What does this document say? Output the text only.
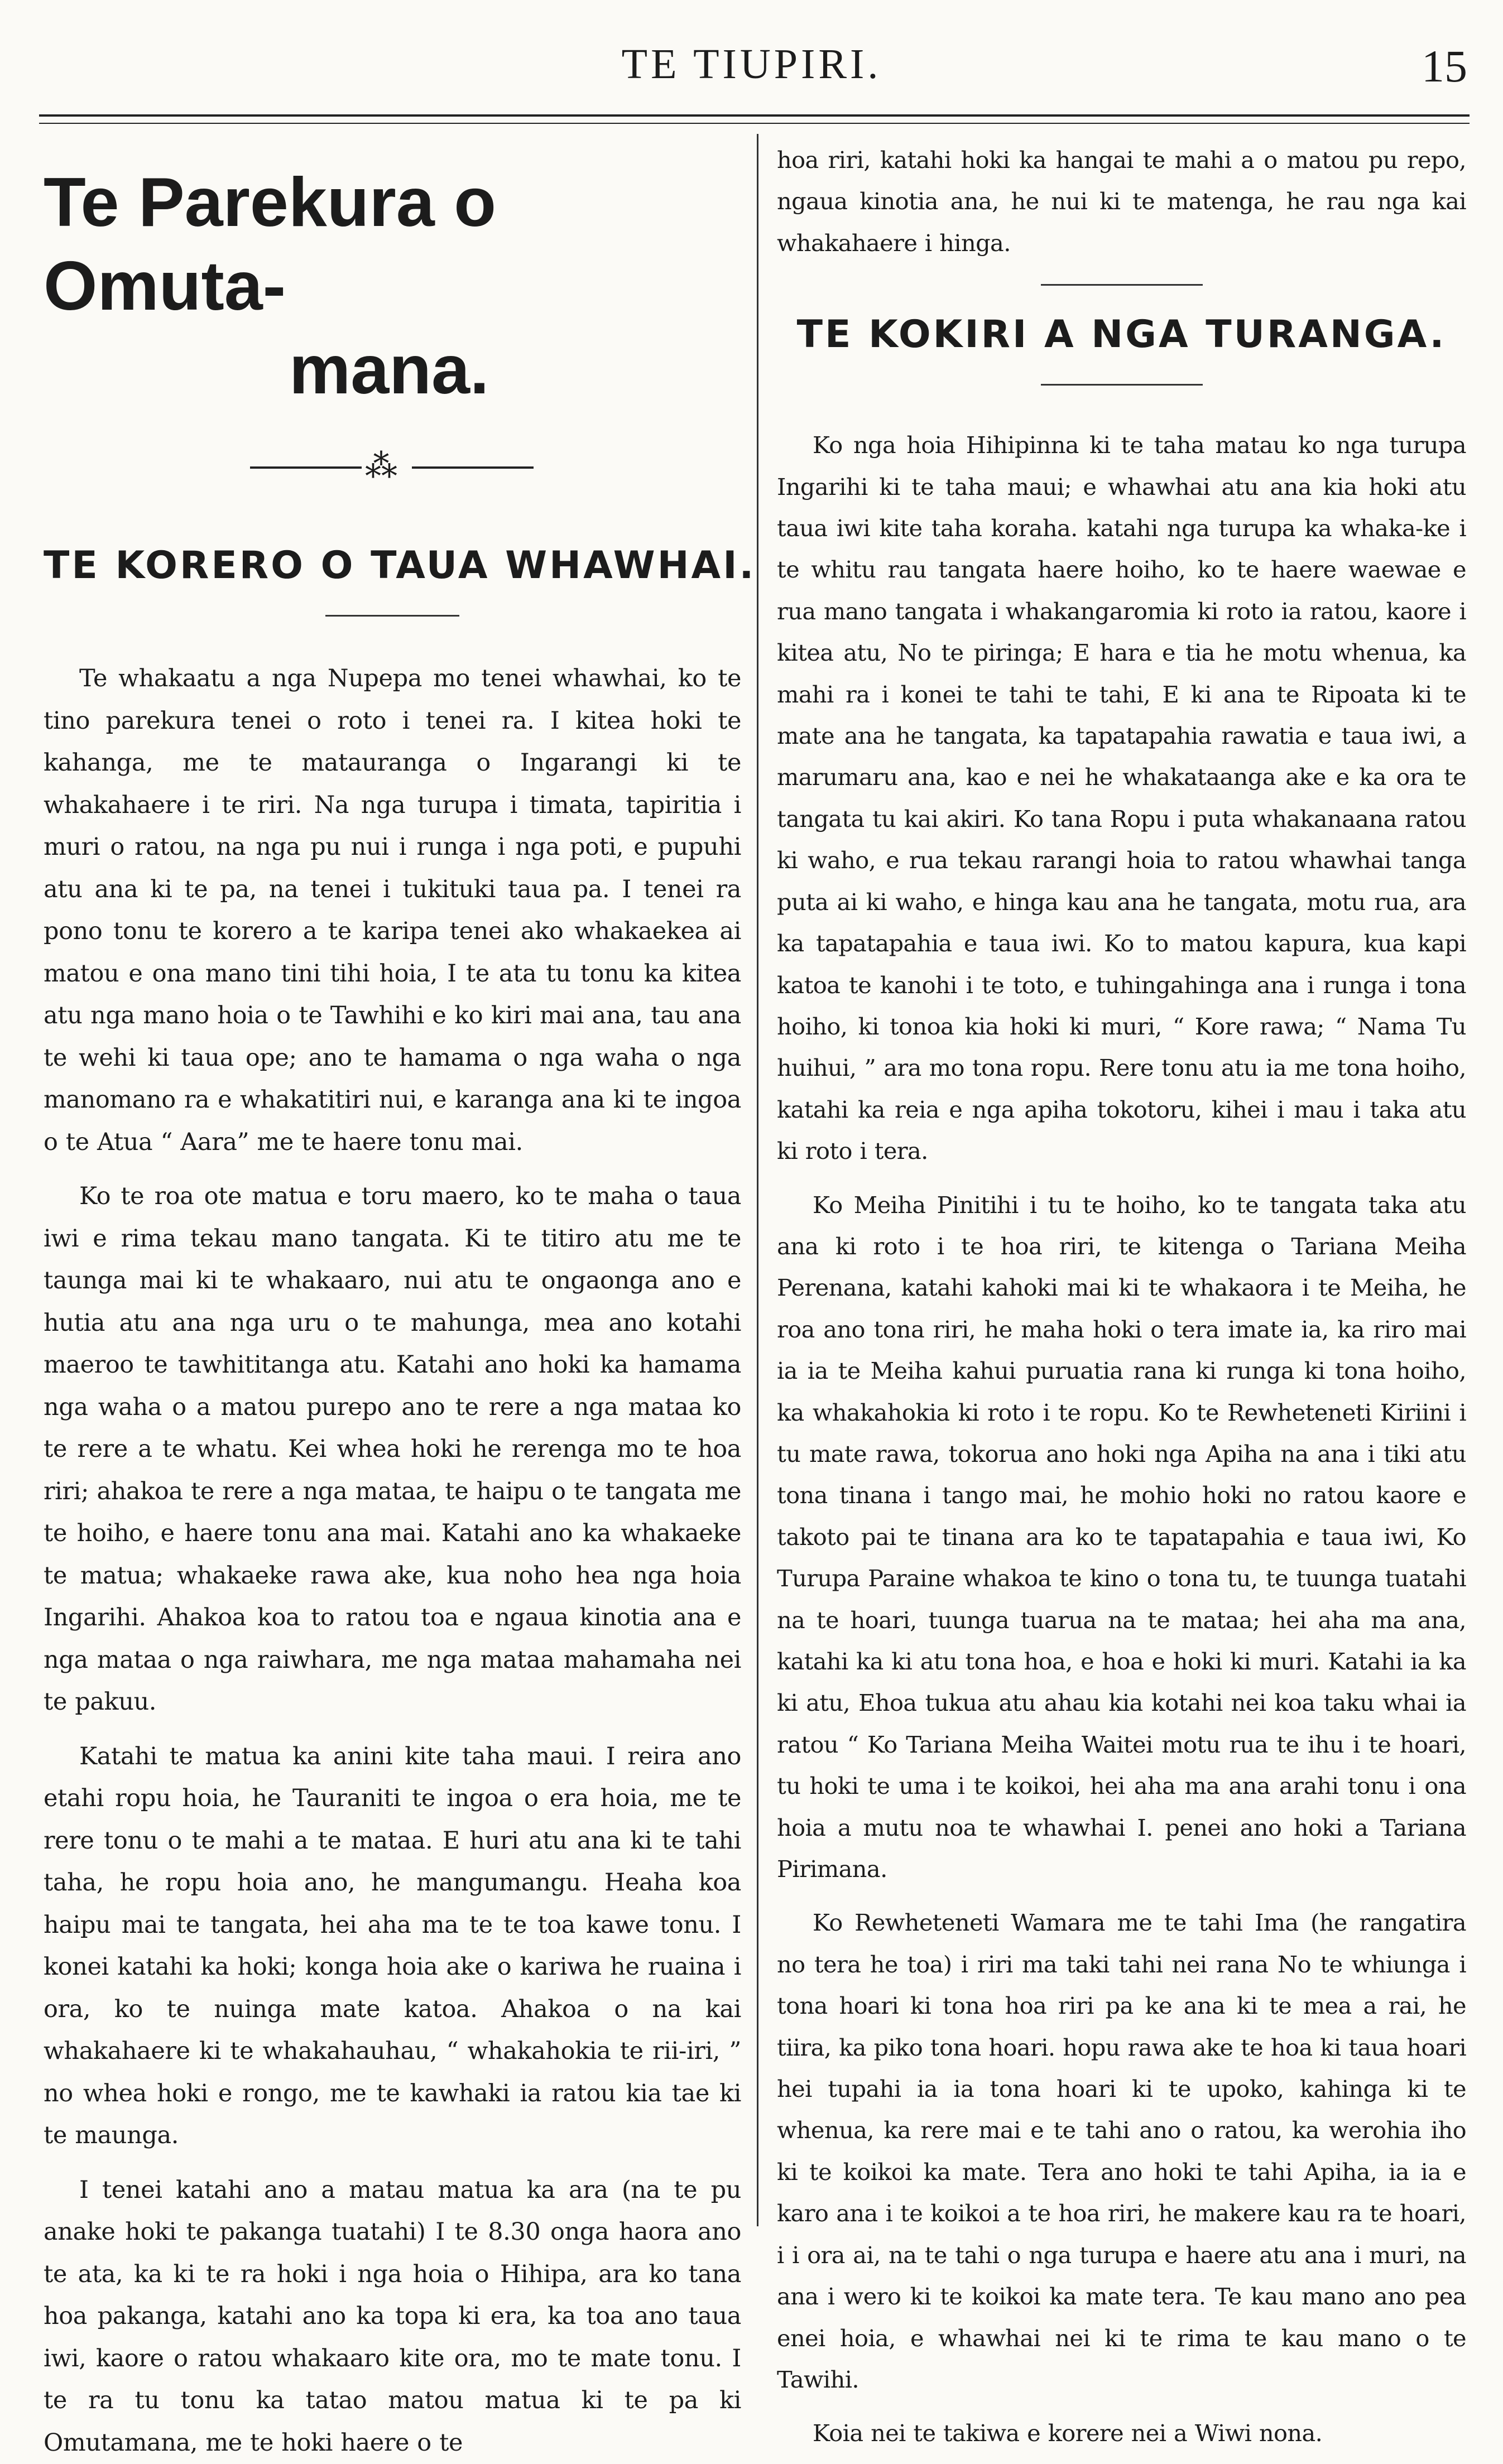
TE TIUPIRI.	15
Te Parekura o Omuta-
mana.
⁂
TE KORERO O TAUA WHAWHAI.

Te whakaatu a nga Nupepa mo tenei whawhai, ko te tino parekura tenei o roto i tenei ra. I kitea hoki te kahanga, me te matauranga o Ingarangi ki te whakahaere i te riri. Na nga turupa i timata, tapiritia i muri o ratou, na nga pu nui i runga i nga poti, e pupuhi atu ana ki te pa, na tenei i tukituki taua pa. I tenei ra pono tonu te korero a te karipa tenei ako whakaekea ai matou e ona mano tini tihi hoia, I te ata tu tonu ka kitea atu nga mano hoia o te Tawhihi e ko kiri mai ana, tau ana te wehi ki taua ope; ano te hamama o nga waha o nga manomano ra e whakatitiri nui, e karanga ana ki te ingoa o te Atua “ Aara” me te haere tonu mai.

Ko te roa ote matua e toru maero, ko te maha o taua iwi e rima tekau mano tangata. Ki te titiro atu me te taunga mai ki te whakaaro, nui atu te ongaonga ano e hutia atu ana nga uru o te mahunga, mea ano kotahi maeroo te tawhititanga atu. Katahi ano hoki ka hamama nga waha o a matou purepo ano te rere a nga mataa ko te rere a te whatu. Kei whea hoki he rerenga mo te hoa riri; ahakoa te rere a nga mataa, te haipu o te tangata me te hoiho, e haere tonu ana mai. Katahi ano ka whakaeke te matua; whakaeke rawa ake, kua noho hea nga hoia Ingarihi. Ahakoa koa to ratou toa e ngaua kinotia ana e nga mataa o nga raiwhara, me nga mataa mahamaha nei te pakuu.

Katahi te matua ka anini kite taha maui. I reira ano etahi ropu hoia, he Tauraniti te ingoa o era hoia, me te rere tonu o te mahi a te mataa. E huri atu ana ki te tahi taha, he ropu hoia ano, he mangumangu. Heaha koa haipu mai te tangata, hei aha ma te te toa kawe tonu. I konei katahi ka hoki; konga hoia ake o kariwa he ruaina i ora, ko te nuinga mate katoa. Ahakoa o na kai whakahaere ki te whakahauhau, “ whakahokia te rii-iri, ” no whea hoki e rongo, me te kawhaki ia ratou kia tae ki te maunga.

I tenei katahi ano a matau matua ka ara (na te pu anake hoki te pakanga tuatahi) I te 8.30 onga haora ano te ata, ka ki te ra hoki i nga hoia o Hihipa, ara ko tana hoa pakanga, katahi ano ka topa ki era, ka toa ano taua iwi, kaore o ratou whakaaro kite ora, mo te mate tonu. I te ra tu tonu ka tatao matou matua ki te pa ki Omutamana, me te hoki haere o te

hoa riri, katahi hoki ka hangai te mahi a o matou pu repo, ngaua kinotia ana, he nui ki te matenga, he rau nga kai whakahaere i hinga.

TE KOKIRI A NGA TURANGA.

Ko nga hoia Hihipinna ki te taha matau ko nga turupa Ingarihi ki te taha maui; e whawhai atu ana kia hoki atu taua iwi kite taha koraha. katahi nga turupa ka whaka-ke i te whitu rau tangata haere hoiho, ko te haere waewae e rua mano tangata i whakangaromia ki roto ia ratou, kaore i kitea atu, No te piringa; E hara e tia he motu whenua, ka mahi ra i konei te tahi te tahi, E ki ana te Ripoata ki te mate ana he tangata, ka tapatapahia rawatia e taua iwi, a marumaru ana, kao e nei he whakataanga ake e ka ora te tangata tu kai akiri. Ko tana Ropu i puta whakanaana ratou ki waho, e rua tekau rarangi hoia to ratou whawhai tanga puta ai ki waho, e hinga kau ana he tangata, motu rua, ara ka tapatapahia e taua iwi. Ko to matou kapura, kua kapi katoa te kanohi i te toto, e tuhingahinga ana i runga i tona hoiho, ki tonoa kia hoki ki muri, “ Kore rawa; “ Nama Tu huihui, ” ara mo tona ropu. Rere tonu atu ia me tona hoiho, katahi ka reia e nga apiha tokotoru, kihei i mau i taka atu ki roto i tera.

Ko Meiha Pinitihi i tu te hoiho, ko te tangata taka atu ana ki roto i te hoa riri, te kitenga o Tariana Meiha Perenana, katahi kahoki mai ki te whakaora i te Meiha, he roa ano tona riri, he maha hoki o tera imate ia, ka riro mai ia ia te Meiha kahui puruatia rana ki runga ki tona hoiho, ka whakahokia ki roto i te ropu. Ko te Rewheteneti Kiriini i tu mate rawa, tokorua ano hoki nga Apiha na ana i tiki atu tona tinana i tango mai, he mohio hoki no ratou kaore e takoto pai te tinana ara ko te tapatapahia e taua iwi, Ko Turupa Paraine whakoa te kino o tona tu, te tuunga tuatahi na te hoari, tuunga tuarua na te mataa; hei aha ma ana, katahi ka ki atu tona hoa, e hoa e hoki ki muri. Katahi ia ka ki atu, Ehoa tukua atu ahau kia kotahi nei koa taku whai ia ratou “ Ko Tariana Meiha Waitei motu rua te ihu i te hoari, tu hoki te uma i te koikoi, hei aha ma ana arahi tonu i ona hoia a mutu noa te whawhai I. penei ano hoki a Tariana Pirimana.

Ko Rewheteneti Wamara me te tahi Ima (he rangatira no tera he toa) i riri ma taki tahi nei rana No te whiunga i tona hoari ki tona hoa riri pa ke ana ki te mea a rai, he tiira, ka piko tona hoari. hopu rawa ake te hoa ki taua hoari hei tupahi ia ia tona hoari ki te upoko, kahinga ki te whenua, ka rere mai e te tahi ano o ratou, ka werohia iho ki te koikoi ka mate. Tera ano hoki te tahi Apiha, ia ia e karo ana i te koikoi a te hoa riri, he makere kau ra te hoari, i i ora ai, na te tahi o nga turupa e haere atu ana i muri, na ana i wero ki te koikoi ka mate tera. Te kau mano ano pea enei hoia, e whawhai nei ki te rima te kau mano o te Tawihi.

Koia nei te takiwa e korere nei a Wiwi nona.
